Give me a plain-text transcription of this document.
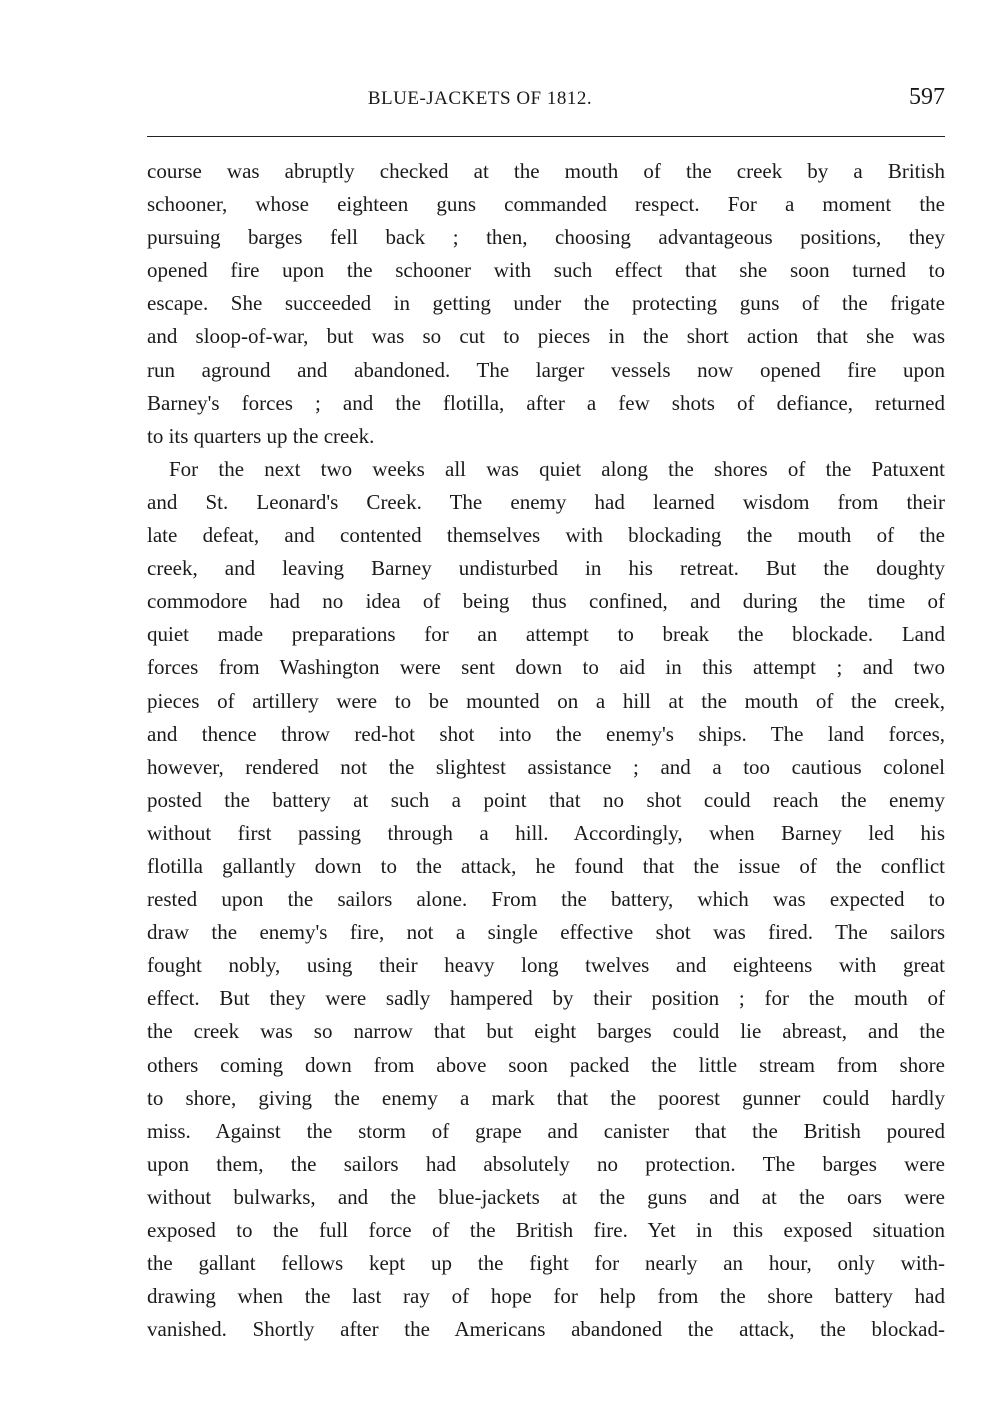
BLUE-JACKETS OF 1812.	597
course was abruptly checked at the mouth of the creek by a British
schooner, whose eighteen guns commanded respect. For a moment the
pursuing barges fell back ; then, choosing advantageous positions, they
opened fire upon the schooner with such effect that she soon turned to
escape. She succeeded in getting under the protecting guns of the frigate
and sloop-of-war, but was so cut to pieces in the short action that she was
run aground and abandoned. The larger vessels now opened fire upon
Barney's forces ; and the flotilla, after a few shots of defiance, returned
to its quarters up the creek.
For the next two weeks all was quiet along the shores of the Patuxent
and St. Leonard's Creek. The enemy had learned wisdom from their
late defeat, and contented themselves with blockading the mouth of the
creek, and leaving Barney undisturbed in his retreat. But the doughty
commodore had no idea of being thus confined, and during the time of
quiet made preparations for an attempt to break the blockade. Land
forces from Washington were sent down to aid in this attempt ; and two
pieces of artillery were to be mounted on a hill at the mouth of the creek,
and thence throw red-hot shot into the enemy's ships. The land forces,
however, rendered not the slightest assistance ; and a too cautious colonel
posted the battery at such a point that no shot could reach the enemy
without first passing through a hill. Accordingly, when Barney led his
flotilla gallantly down to the attack, he found that the issue of the conflict
rested upon the sailors alone. From the battery, which was expected to
draw the enemy's fire, not a single effective shot was fired. The sailors
fought nobly, using their heavy long twelves and eighteens with great
effect. But they were sadly hampered by their position ; for the mouth of
the creek was so narrow that but eight barges could lie abreast, and the
others coming down from above soon packed the little stream from shore
to shore, giving the enemy a mark that the poorest gunner could hardly
miss. Against the storm of grape and canister that the British poured
upon them, the sailors had absolutely no protection. The barges were
without bulwarks, and the blue-jackets at the guns and at the oars were
exposed to the full force of the British fire. Yet in this exposed situation
the gallant fellows kept up the fight for nearly an hour, only with-
drawing when the last ray of hope for help from the shore battery had
vanished. Shortly after the Americans abandoned the attack, the blockad-
